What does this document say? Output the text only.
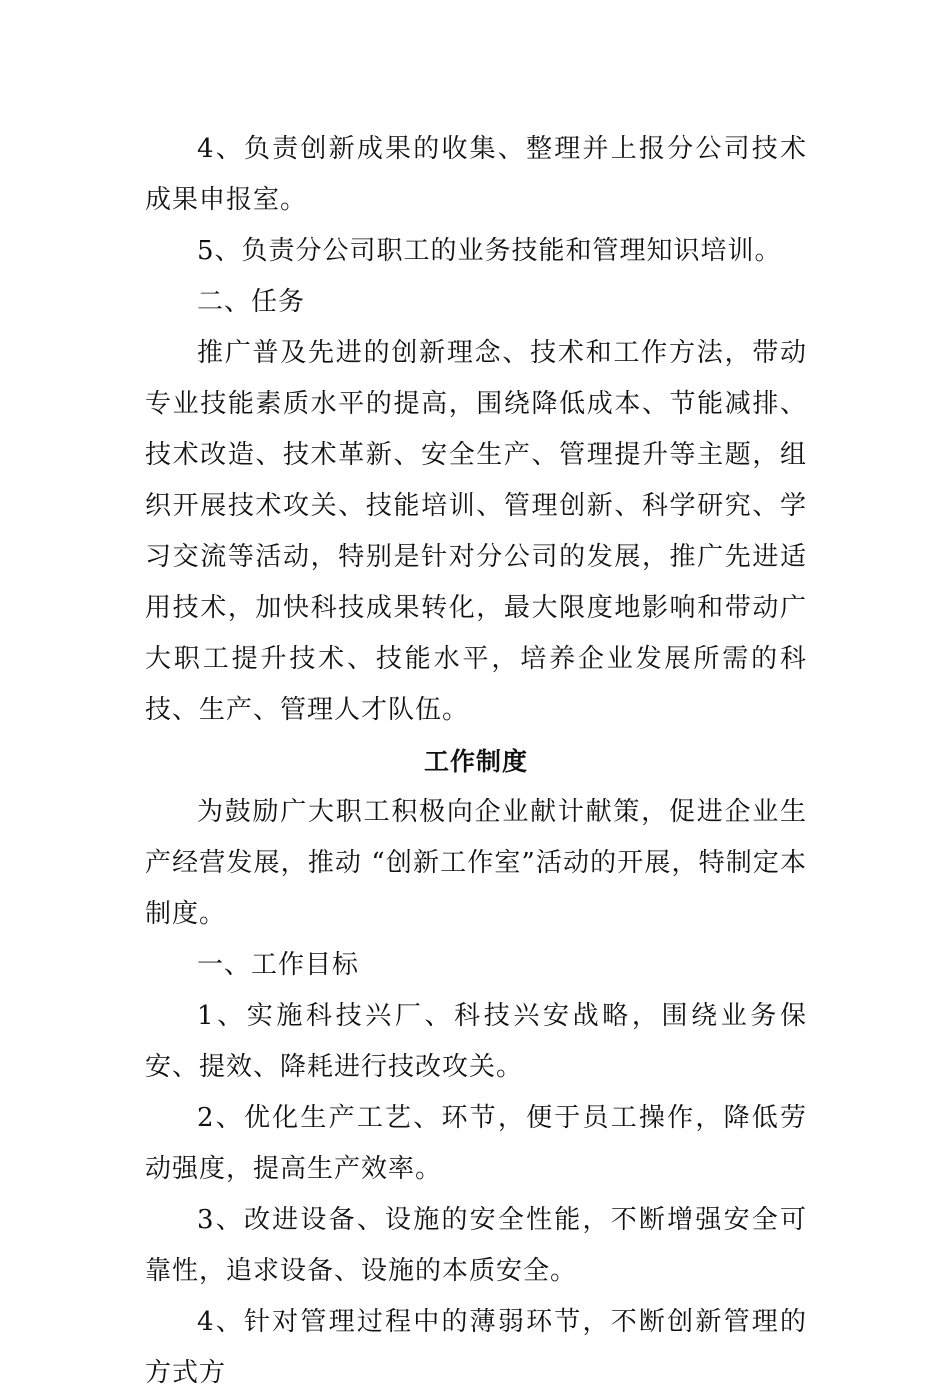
4、负责创新成果的收集、整理并上报分公司技术成果申报室。

5、负责分公司职工的业务技能和管理知识培训。

二、任务

推广普及先进的创新理念、技术和工作方法，带动专业技能素质水平的提高，围绕降低成本、节能减排、技术改造、技术革新、安全生产、管理提升等主题，组织开展技术攻关、技能培训、管理创新、科学研究、学习交流等活动，特别是针对分公司的发展，推广先进适用技术，加快科技成果转化，最大限度地影响和带动广大职工提升技术、技能水平，培养企业发展所需的科技、生产、管理人才队伍。

工作制度

为鼓励广大职工积极向企业献计献策，促进企业生产经营发展，推动 “创新工作室”活动的开展，特制定本制度。

一、工作目标

1、实施科技兴厂、科技兴安战略，围绕业务保安、提效、降耗进行技改攻关。

2、优化生产工艺、环节，便于员工操作，降低劳动强度，提高生产效率。

3、改进设备、设施的安全性能，不断增强安全可靠性，追求设备、设施的本质安全。

4、针对管理过程中的薄弱环节，不断创新管理的方式方
